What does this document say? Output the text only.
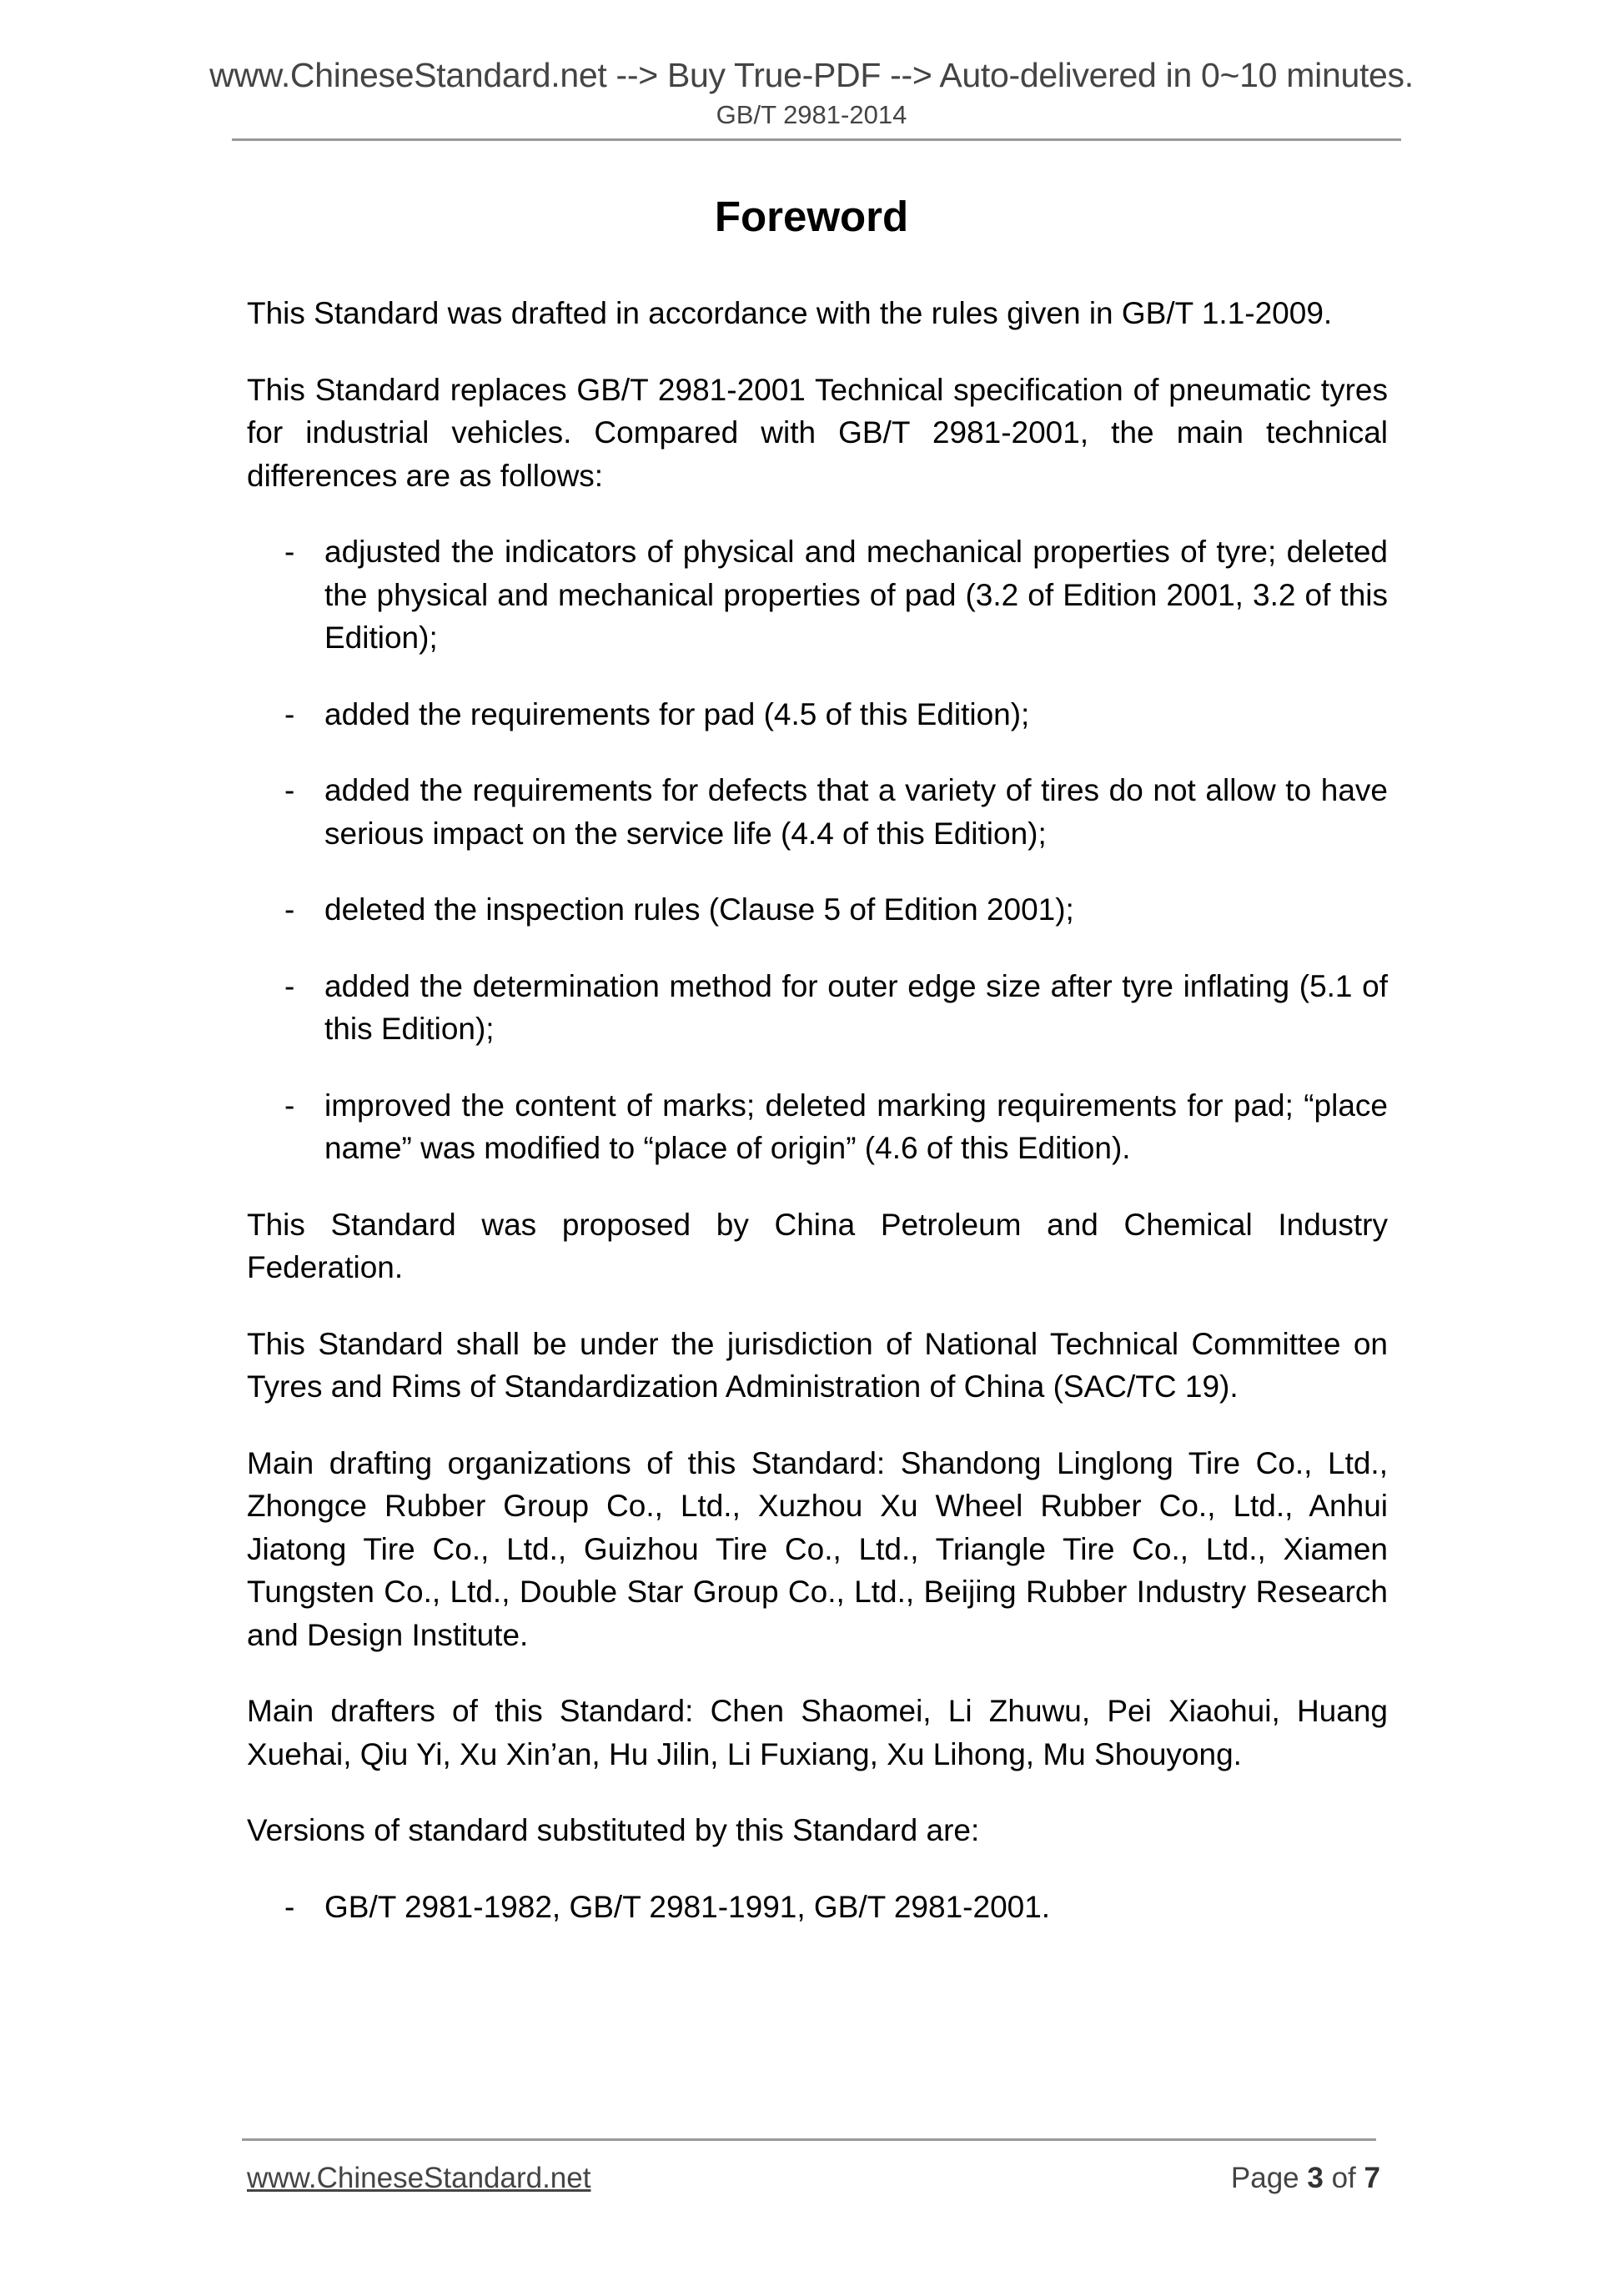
www.ChineseStandard.net --> Buy True-PDF --> Auto-delivered in 0~10 minutes.
GB/T 2981-2014
Foreword

This Standard was drafted in accordance with the rules given in GB/T 1.1-2009.

This Standard replaces GB/T 2981-2001 Technical specification of pneumatic tyres for industrial vehicles. Compared with GB/T 2981-2001, the main technical differences are as follows:

- adjusted the indicators of physical and mechanical properties of tyre; deleted the physical and mechanical properties of pad (3.2 of Edition 2001, 3.2 of this Edition);
- added the requirements for pad (4.5 of this Edition);
- added the requirements for defects that a variety of tires do not allow to have serious impact on the service life (4.4 of this Edition);
- deleted the inspection rules (Clause 5 of Edition 2001);
- added the determination method for outer edge size after tyre inflating (5.1 of this Edition);
- improved the content of marks; deleted marking requirements for pad; “place name” was modified to “place of origin” (4.6 of this Edition).

This Standard was proposed by China Petroleum and Chemical Industry Federation.

This Standard shall be under the jurisdiction of National Technical Committee on Tyres and Rims of Standardization Administration of China (SAC/TC 19).

Main drafting organizations of this Standard: Shandong Linglong Tire Co., Ltd., Zhongce Rubber Group Co., Ltd., Xuzhou Xu Wheel Rubber Co., Ltd., Anhui Jiatong Tire Co., Ltd., Guizhou Tire Co., Ltd., Triangle Tire Co., Ltd., Xiamen Tungsten Co., Ltd., Double Star Group Co., Ltd., Beijing Rubber Industry Research and Design Institute.

Main drafters of this Standard: Chen Shaomei, Li Zhuwu, Pei Xiaohui, Huang Xuehai, Qiu Yi, Xu Xin’an, Hu Jilin, Li Fuxiang, Xu Lihong, Mu Shouyong.

Versions of standard substituted by this Standard are:

- GB/T 2981-1982, GB/T 2981-1991, GB/T 2981-2001.
www.ChineseStandard.net	Page 3 of 7
